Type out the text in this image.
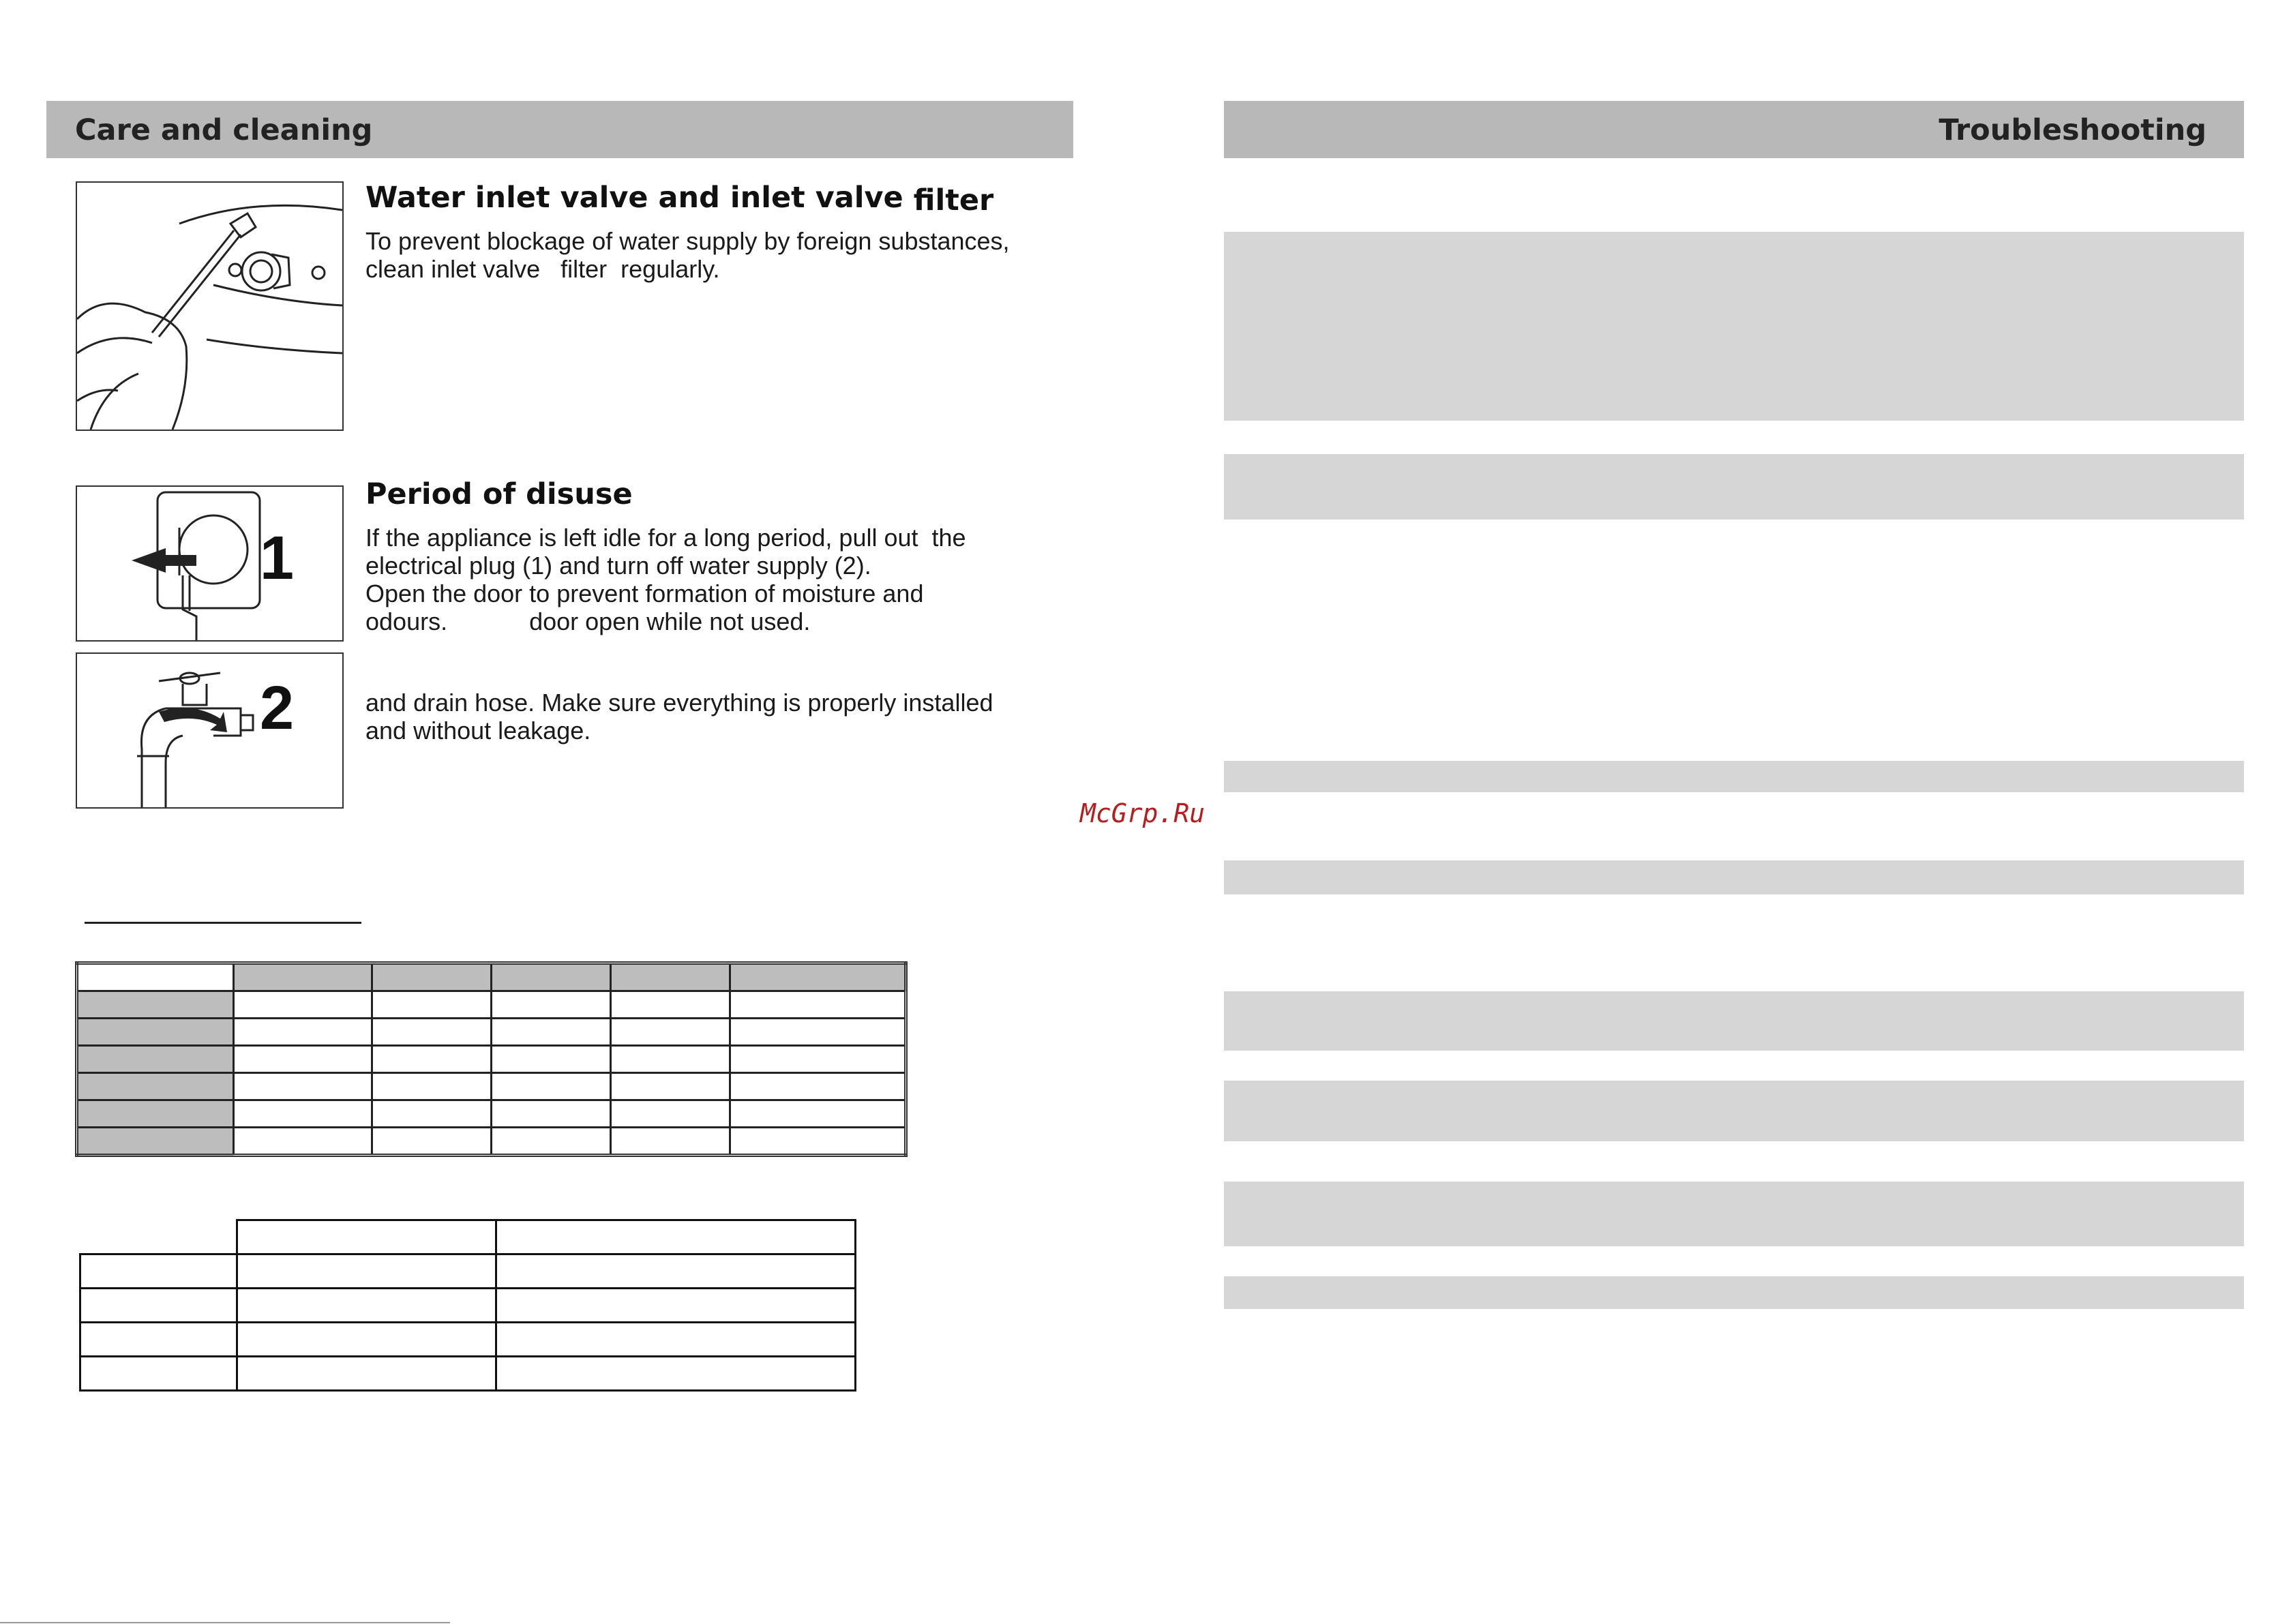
Care and cleaning	Troubleshooting
Water inlet valve and inlet valve filter
To prevent blockage of water supply by foreign substances,
clean inlet valve   filter  regularly.
1
2
Period of disuse
If the appliance is left idle for a long period, pull out  the
electrical plug (1) and turn off water supply (2).
Open the door to prevent formation of moisture and
odours.            door open while not used.
and drain hose. Make sure everything is properly installed
and without leakage.

McGrp.Ru
